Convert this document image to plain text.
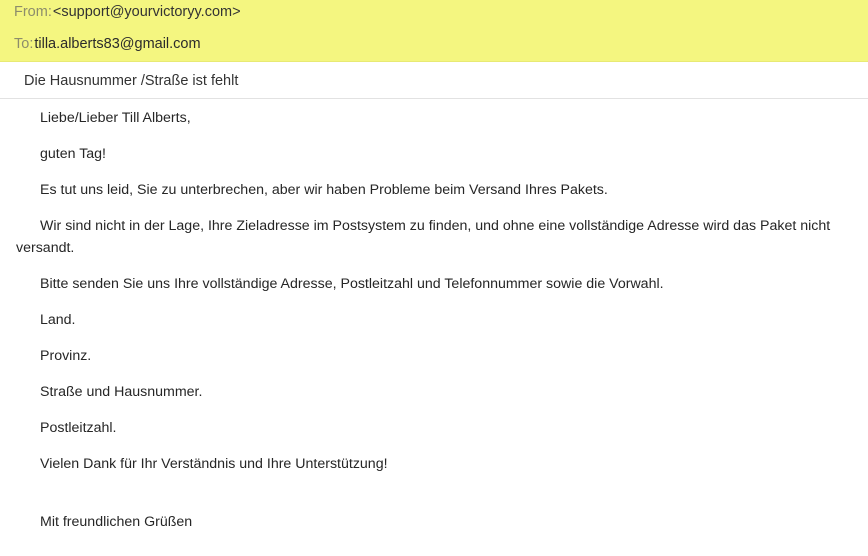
From: <support@yourvictoryy.com>
To: tilla.alberts83@gmail.com
Die Hausnummer /Straße ist fehlt

Liebe/Lieber Till Alberts,

guten Tag!

Es tut uns leid, Sie zu unterbrechen, aber wir haben Probleme beim Versand Ihres Pakets.

Wir sind nicht in der Lage, Ihre Zieladresse im Postsystem zu finden, und ohne eine vollständige Adresse wird das Paket nicht versandt.

Bitte senden Sie uns Ihre vollständige Adresse, Postleitzahl und Telefonnummer sowie die Vorwahl.

Land.

Provinz.

Straße und Hausnummer.

Postleitzahl.

Vielen Dank für Ihr Verständnis und Ihre Unterstützung!

Mit freundlichen Grüßen
